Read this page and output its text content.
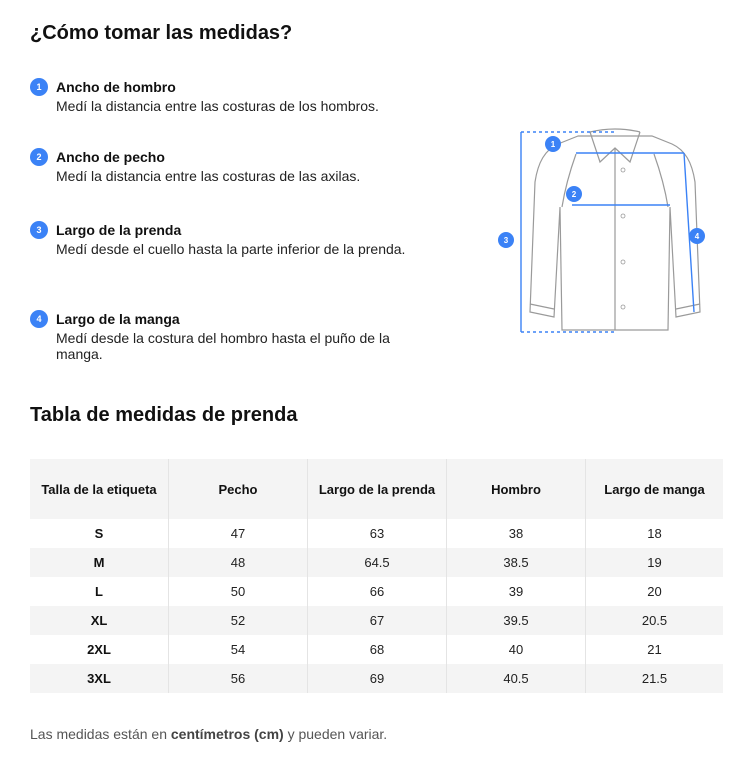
¿Cómo tomar las medidas?
1	Ancho de hombro
Medí la distancia entre las costuras de los hombros.
2	Ancho de pecho
Medí la distancia entre las costuras de las axilas.
3	Largo de la prenda
Medí desde el cuello hasta la parte inferior de la prenda.
4	Largo de la manga
Medí desde la costura del hombro hasta el puño de la manga.
1
2
3	4
Tabla de medidas de prenda
Talla de la etiqueta	Pecho	Largo de la prenda	Hombro	Largo de manga
S	47	63	38	18
M	48	64.5	38.5	19
L	50	66	39	20
XL	52	67	39.5	20.5
2XL	54	68	40	21
3XL	56	69	40.5	21.5
Las medidas están en centímetros (cm) y pueden variar.
